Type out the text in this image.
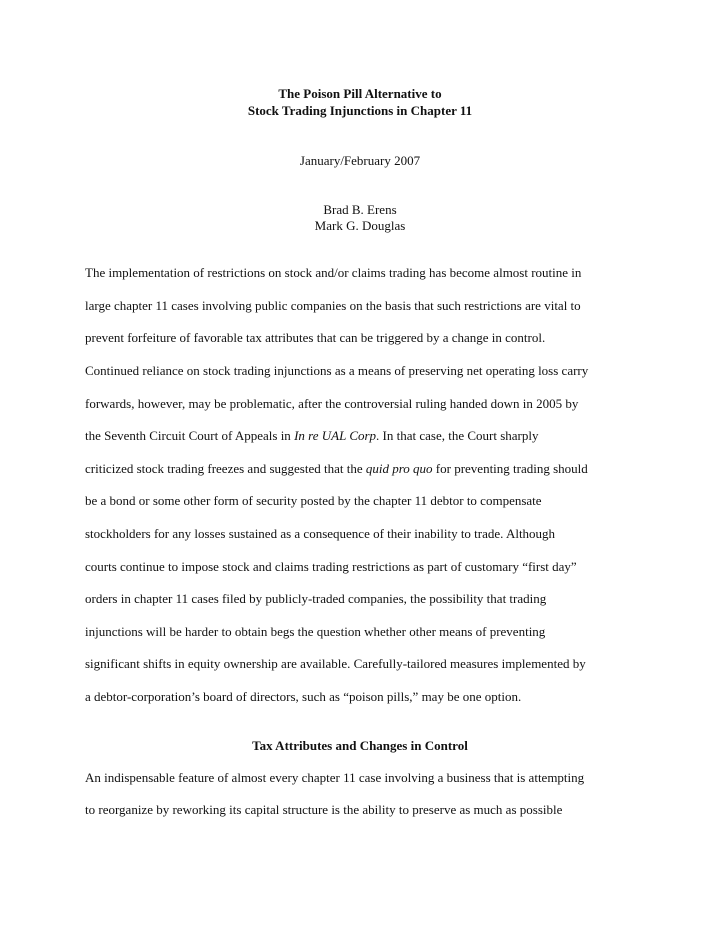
The Poison Pill Alternative to
Stock Trading Injunctions in Chapter 11
January/February 2007
Brad B. Erens
Mark G. Douglas
The implementation of restrictions on stock and/or claims trading has become almost routine in
large chapter 11 cases involving public companies on the basis that such restrictions are vital to
prevent forfeiture of favorable tax attributes that can be triggered by a change in control.
Continued reliance on stock trading injunctions as a means of preserving net operating loss carry
forwards, however, may be problematic, after the controversial ruling handed down in 2005 by
the Seventh Circuit Court of Appeals in In re UAL Corp. In that case, the Court sharply
criticized stock trading freezes and suggested that the quid pro quo for preventing trading should
be a bond or some other form of security posted by the chapter 11 debtor to compensate
stockholders for any losses sustained as a consequence of their inability to trade. Although
courts continue to impose stock and claims trading restrictions as part of customary “first day”
orders in chapter 11 cases filed by publicly-traded companies, the possibility that trading
injunctions will be harder to obtain begs the question whether other means of preventing
significant shifts in equity ownership are available. Carefully-tailored measures implemented by
a debtor-corporation’s board of directors, such as “poison pills,” may be one option.
Tax Attributes and Changes in Control
An indispensable feature of almost every chapter 11 case involving a business that is attempting
to reorganize by reworking its capital structure is the ability to preserve as much as possible
